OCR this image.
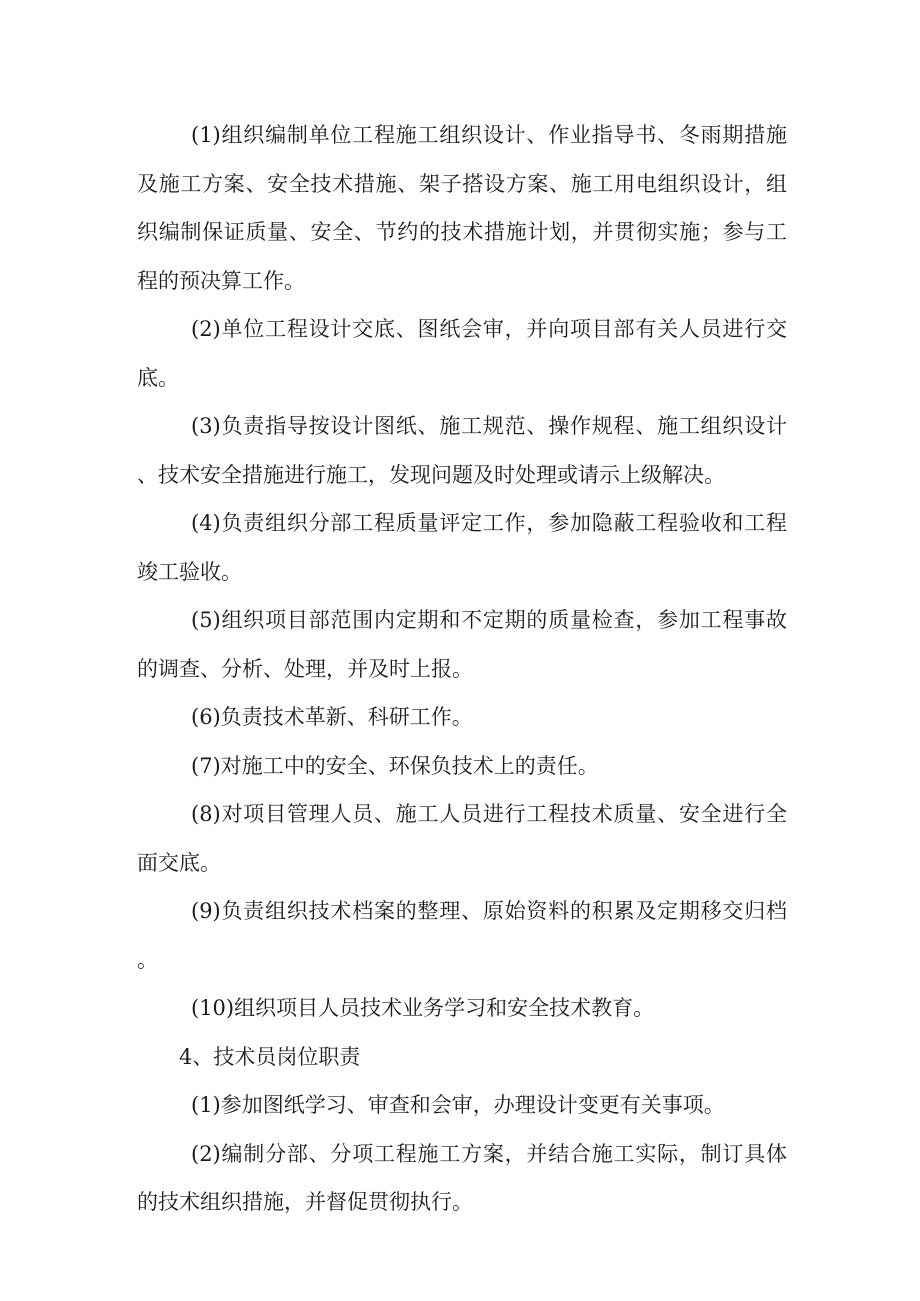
(1)组织编制单位工程施工组织设计、作业指导书、冬雨期措施及施工方案、安全技术措施、架子搭设方案、施工用电组织设计，组织编制保证质量、安全、节约的技术措施计划，并贯彻实施；参与工程的预决算工作。

(2)单位工程设计交底、图纸会审，并向项目部有关人员进行交底。

(3)负责指导按设计图纸、施工规范、操作规程、施工组织设计、技术安全措施进行施工，发现问题及时处理或请示上级解决。

(4)负责组织分部工程质量评定工作，参加隐蔽工程验收和工程竣工验收。

(5)组织项目部范围内定期和不定期的质量检查，参加工程事故的调查、分析、处理，并及时上报。

(6)负责技术革新、科研工作。

(7)对施工中的安全、环保负技术上的责任。

(8)对项目管理人员、施工人员进行工程技术质量、安全进行全面交底。

(9)负责组织技术档案的整理、原始资料的积累及定期移交归档。

(10)组织项目人员技术业务学习和安全技术教育。

4、技术员岗位职责

(1)参加图纸学习、审查和会审，办理设计变更有关事项。

(2)编制分部、分项工程施工方案，并结合施工实际，制订具体的技术组织措施，并督促贯彻执行。
